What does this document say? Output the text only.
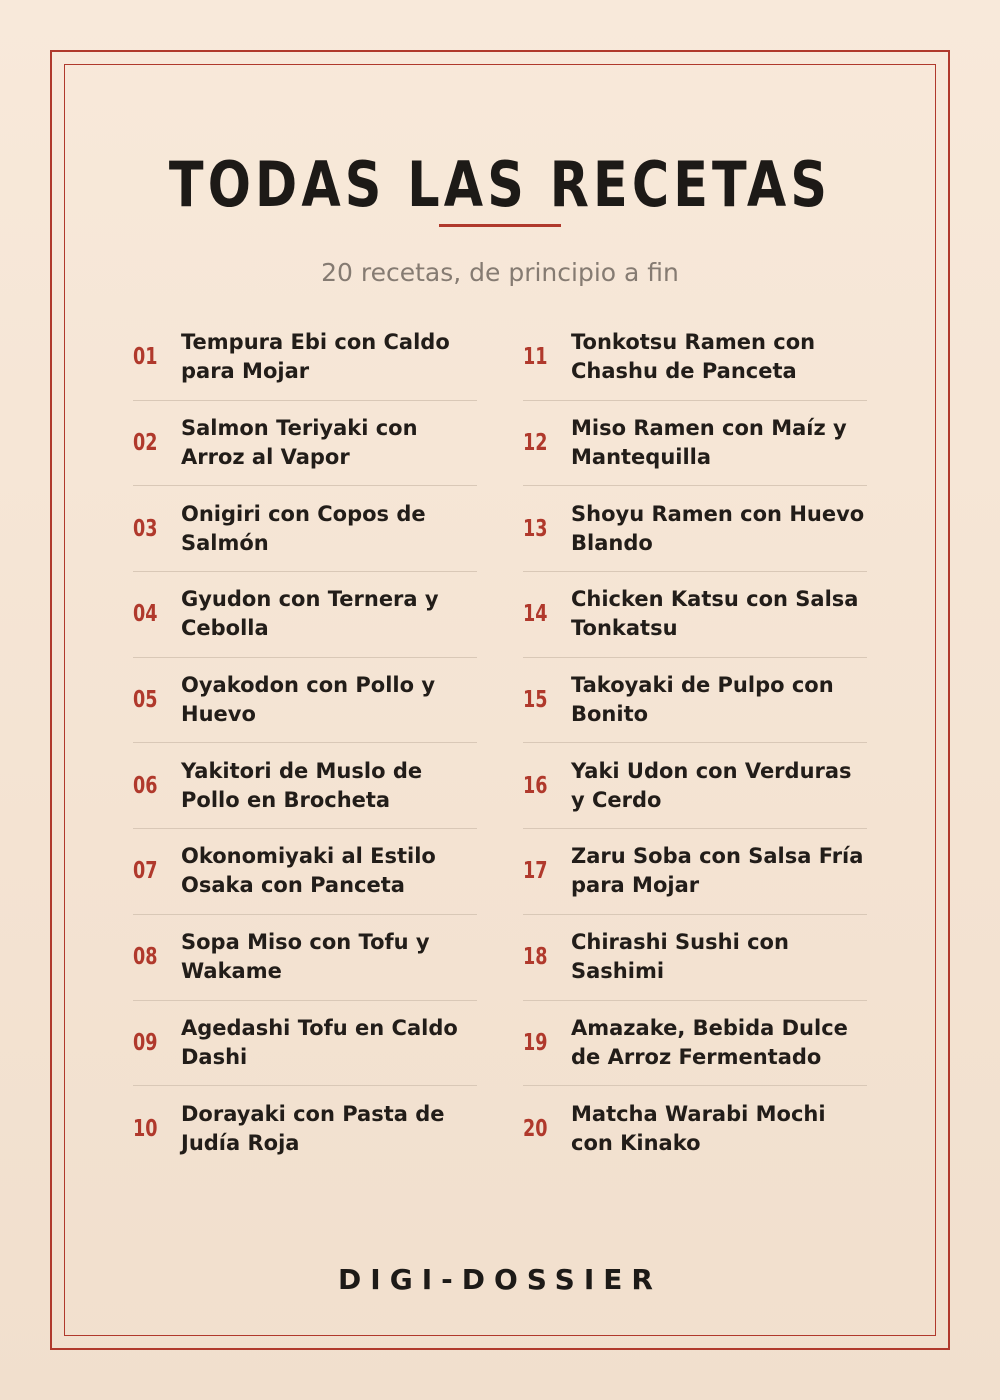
TODAS LAS RECETAS
20 recetas, de principio a fin
01
Tempura Ebi con Caldo para Mojar
02
Salmon Teriyaki con Arroz al Vapor
03
Onigiri con Copos de Salmón
04
Gyudon con Ternera y Cebolla
05
Oyakodon con Pollo y Huevo
06
Yakitori de Muslo de Pollo en Brocheta
07
Okonomiyaki al Estilo Osaka con Panceta
08
Sopa Miso con Tofu y Wakame
09
Agedashi Tofu en Caldo Dashi
10
Dorayaki con Pasta de Judía Roja
11
Tonkotsu Ramen con Chashu de Panceta
12
Miso Ramen con Maíz y Mantequilla
13
Shoyu Ramen con Huevo Blando
14
Chicken Katsu con Salsa Tonkatsu
15
Takoyaki de Pulpo con Bonito
16
Yaki Udon con Verduras y Cerdo
17
Zaru Soba con Salsa Fría para Mojar
18
Chirashi Sushi con Sashimi
19
Amazake, Bebida Dulce de Arroz Fermentado
20
Matcha Warabi Mochi con Kinako
DIGI-DOSSIER
